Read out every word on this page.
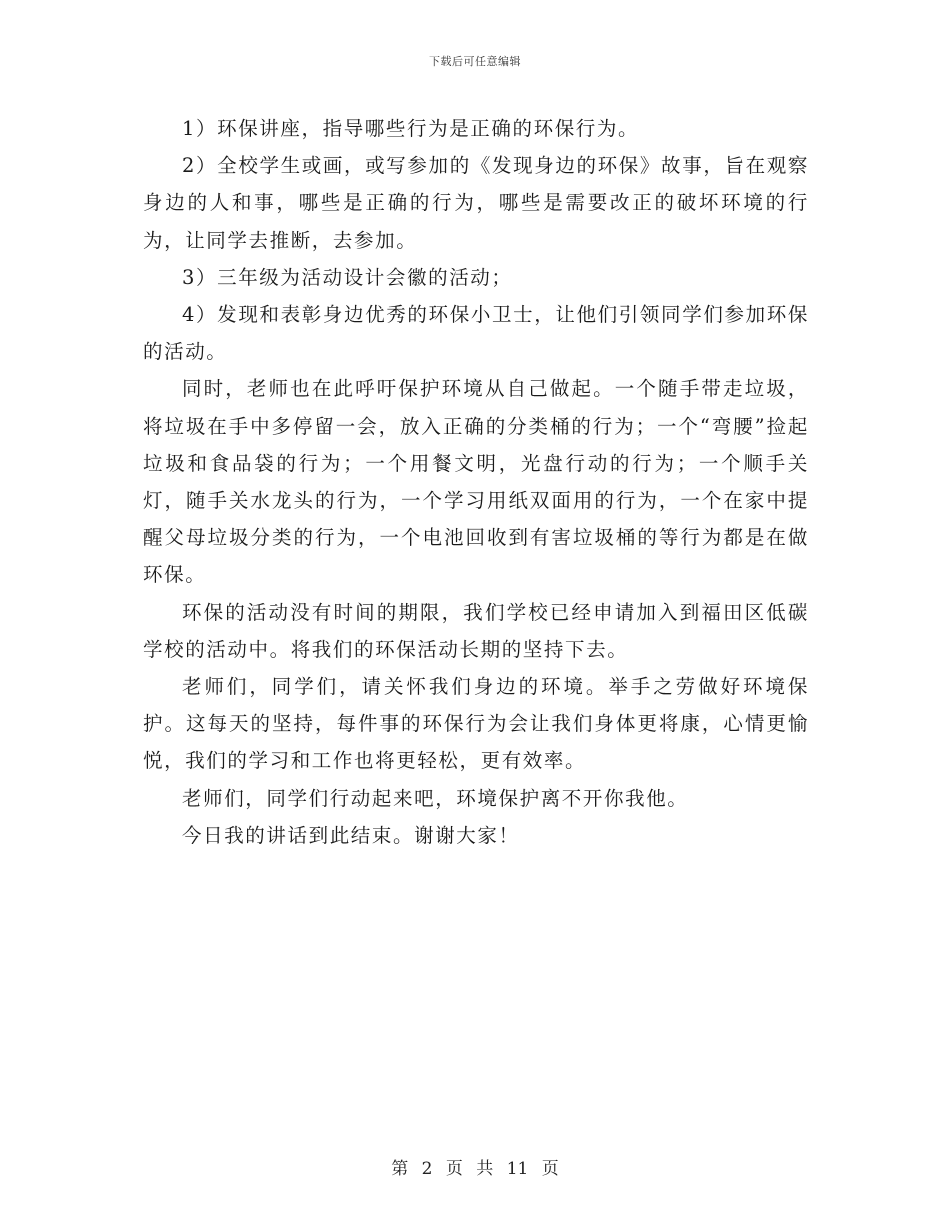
下载后可任意编辑

1）环保讲座，指导哪些行为是正确的环保行为。

2）全校学生或画，或写参加的《发现身边的环保》故事，旨在观察身边的人和事，哪些是正确的行为，哪些是需要改正的破坏环境的行为，让同学去推断，去参加。

3）三年级为活动设计会徽的活动；

4）发现和表彰身边优秀的环保小卫士，让他们引领同学们参加环保的活动。

同时，老师也在此呼吁保护环境从自己做起。一个随手带走垃圾，将垃圾在手中多停留一会，放入正确的分类桶的行为；一个“弯腰”捡起垃圾和食品袋的行为；一个用餐文明，光盘行动的行为；一个顺手关灯，随手关水龙头的行为，一个学习用纸双面用的行为，一个在家中提醒父母垃圾分类的行为，一个电池回收到有害垃圾桶的等行为都是在做环保。

环保的活动没有时间的期限，我们学校已经申请加入到福田区低碳学校的活动中。将我们的环保活动长期的坚持下去。

老师们，同学们，请关怀我们身边的环境。举手之劳做好环境保护。这每天的坚持，每件事的环保行为会让我们身体更将康，心情更愉悦，我们的学习和工作也将更轻松，更有效率。

老师们，同学们行动起来吧，环境保护离不开你我他。

今日我的讲话到此结束。谢谢大家！

第 2 页 共 11 页
